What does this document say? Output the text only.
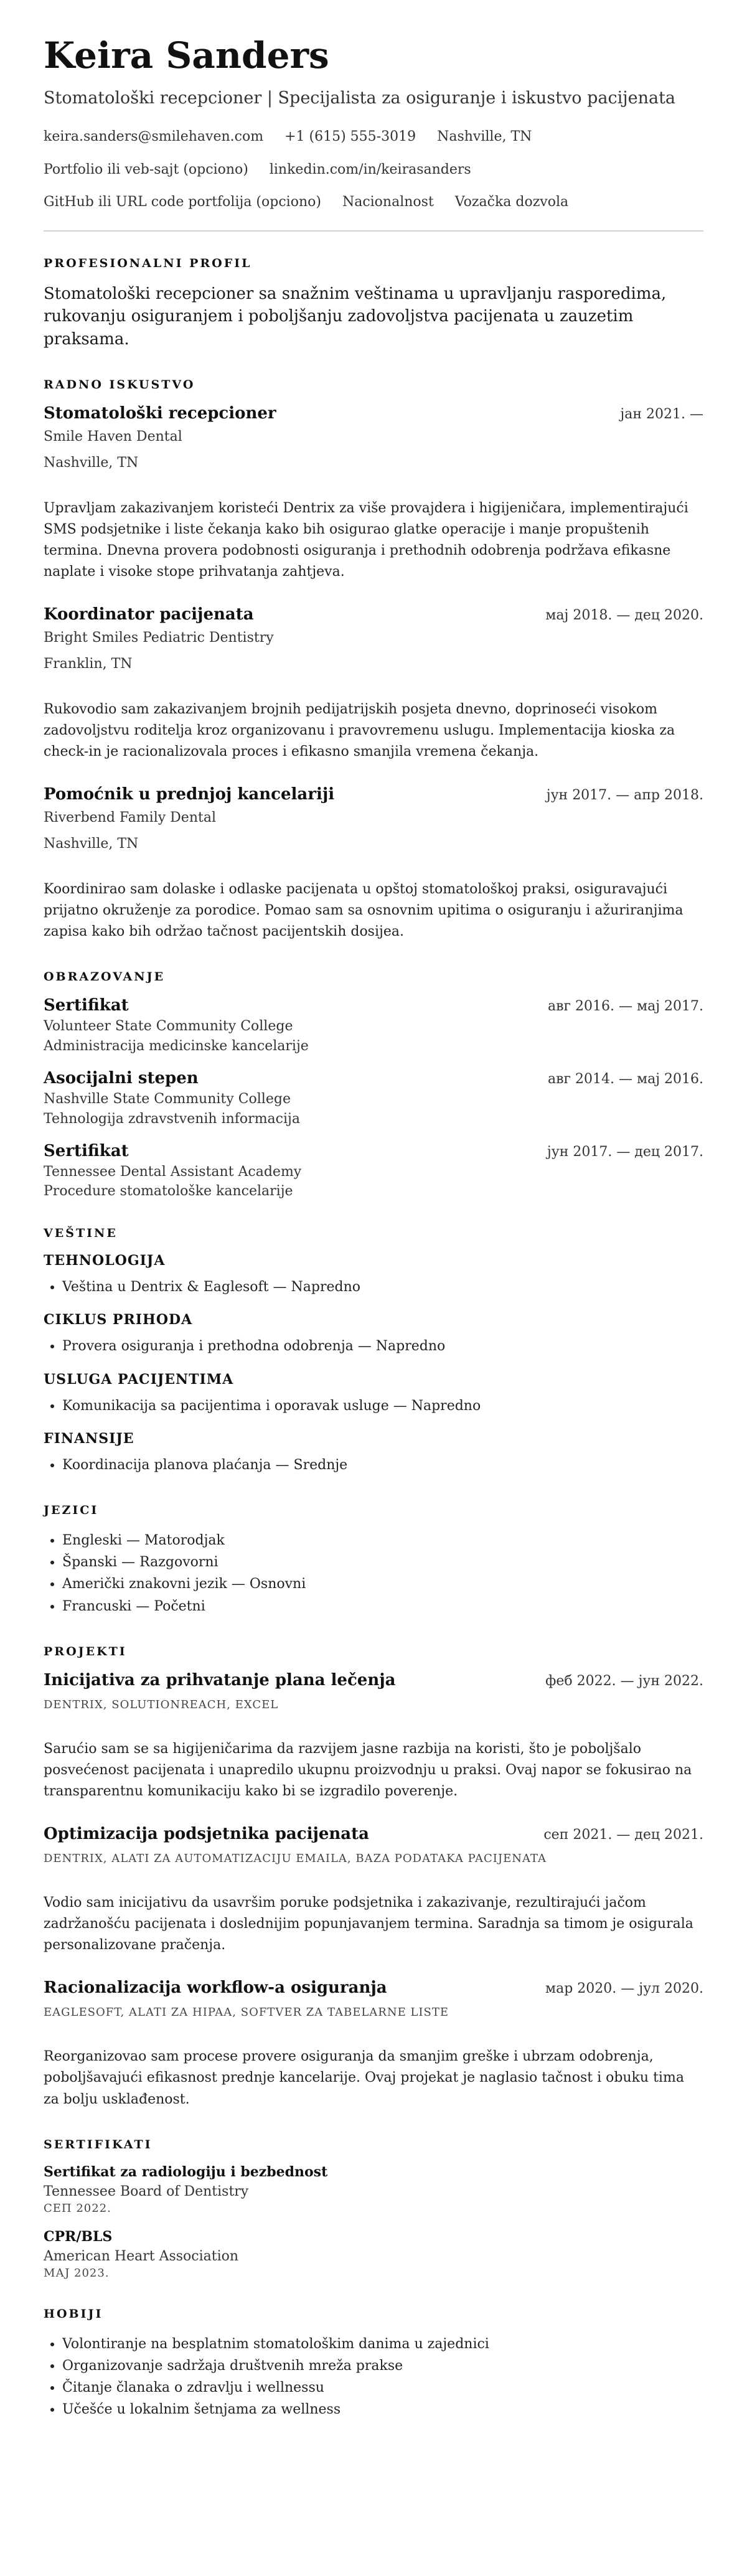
Keira Sanders
Stomatološki recepcioner | Specijalista za osiguranje i iskustvo pacijenata
keira.sanders@smilehaven.com +1 (615) 555-3019 Nashville, TN
Portfolio ili veb-sajt (opciono) linkedin.com/in/keirasanders
GitHub ili URL code portfolija (opciono) Nacionalnost Vozačka dozvola
PROFESIONALNI PROFIL

Stomatološki recepcioner sa snažnim veštinama u upravljanju rasporedima, rukovanju osiguranjem i poboljšanju zadovoljstva pacijenata u zauzetim praksama.

RADNO ISKUSTVO
Stomatološki recepcioner	јан 2021. —
Smile Haven Dental
Nashville, TN

Upravljam zakazivanjem koristeći Dentrix za više provajdera i higijeničara, implementirajući SMS podsjetnike i liste čekanja kako bih osigurao glatke operacije i manje propuštenih termina. Dnevna provera podobnosti osiguranja i prethodnih odobrenja podržava efikasne naplate i visoke stope prihvatanja zahtjeva.

Koordinator pacijenata	мај 2018. — дец 2020.
Bright Smiles Pediatric Dentistry
Franklin, TN

Rukovodio sam zakazivanjem brojnih pedijatrijskih posjeta dnevno, doprinoseći visokom zadovoljstvu roditelja kroz organizovanu i pravovremenu uslugu. Implementacija kioska za check-in je racionalizovala proces i efikasno smanjila vremena čekanja.

Pomoćnik u prednjoj kancelariji	јун 2017. — апр 2018.
Riverbend Family Dental
Nashville, TN

Koordinirao sam dolaske i odlaske pacijenata u opštoj stomatološkoj praksi, osiguravajući prijatno okruženje za porodice. Pomao sam sa osnovnim upitima o osiguranju i ažuriranjima zapisa kako bih održao tačnost pacijentskih dosijea.

OBRAZOVANJE
Sertifikat	авг 2016. — мај 2017.
Volunteer State Community College
Administracija medicinske kancelarije
Asocijalni stepen	авг 2014. — мај 2016.
Nashville State Community College
Tehnologija zdravstvenih informacija
Sertifikat	јун 2017. — дец 2017.
Tennessee Dental Assistant Academy
Procedure stomatološke kancelarije
VEŠTINE
TEHNOLOGIJA
• Veština u Dentrix & Eaglesoft — Napredno
CIKLUS PRIHODA
• Provera osiguranja i prethodna odobrenja — Napredno
USLUGA PACIJENTIMA
• Komunikacija sa pacijentima i oporavak usluge — Napredno
FINANSIJE
• Koordinacija planova plaćanja — Srednje
JEZICI
• Engleski — Matorodjak
• Španski — Razgovorni
• Američki znakovni jezik — Osnovni
• Francuski — Početni
PROJEKTI
Inicijativa za prihvatanje plana lečenja	феб 2022. — јун 2022.
DENTRIX, SOLUTIONREACH, EXCEL

Sarućio sam se sa higijeničarima da razvijem jasne razbija na koristi, što je poboljšalo posvećenost pacijenata i unapredilo ukupnu proizvodnju u praksi. Ovaj napor se fokusirao na transparentnu komunikaciju kako bi se izgradilo poverenje.

Optimizacija podsjetnika pacijenata	сеп 2021. — дец 2021.
DENTRIX, ALATI ZA AUTOMATIZACIJU EMAILA, BAZA PODATAKA PACIJENATA

Vodio sam inicijativu da usavršim poruke podsjetnika i zakazivanje, rezultirajući jačom zadržanošću pacijenata i doslednijim popunjavanjem termina. Saradnja sa timom je osigurala personalizovane pračenja.

Racionalizacija workflow-a osiguranja	мар 2020. — јул 2020.
EAGLESOFT, ALATI ZA HIPAA, SOFTVER ZA TABELARNE LISTE

Reorganizovao sam procese provere osiguranja da smanjim greške i ubrzam odobrenja, poboljšavajući efikasnost prednje kancelarije. Ovaj projekat je naglasio tačnost i obuku tima za bolju usklađenost.

SERTIFIKATI
Sertifikat za radiologiju i bezbednost
Tennessee Board of Dentistry
СЕП 2022.
CPR/BLS
American Heart Association
МАЈ 2023.
HOBIJI
• Volontiranje na besplatnim stomatološkim danima u zajednici
• Organizovanje sadržaja društvenih mreža prakse
• Čitanje članaka o zdravlju i wellnessu
• Učešće u lokalnim šetnjama za wellness
